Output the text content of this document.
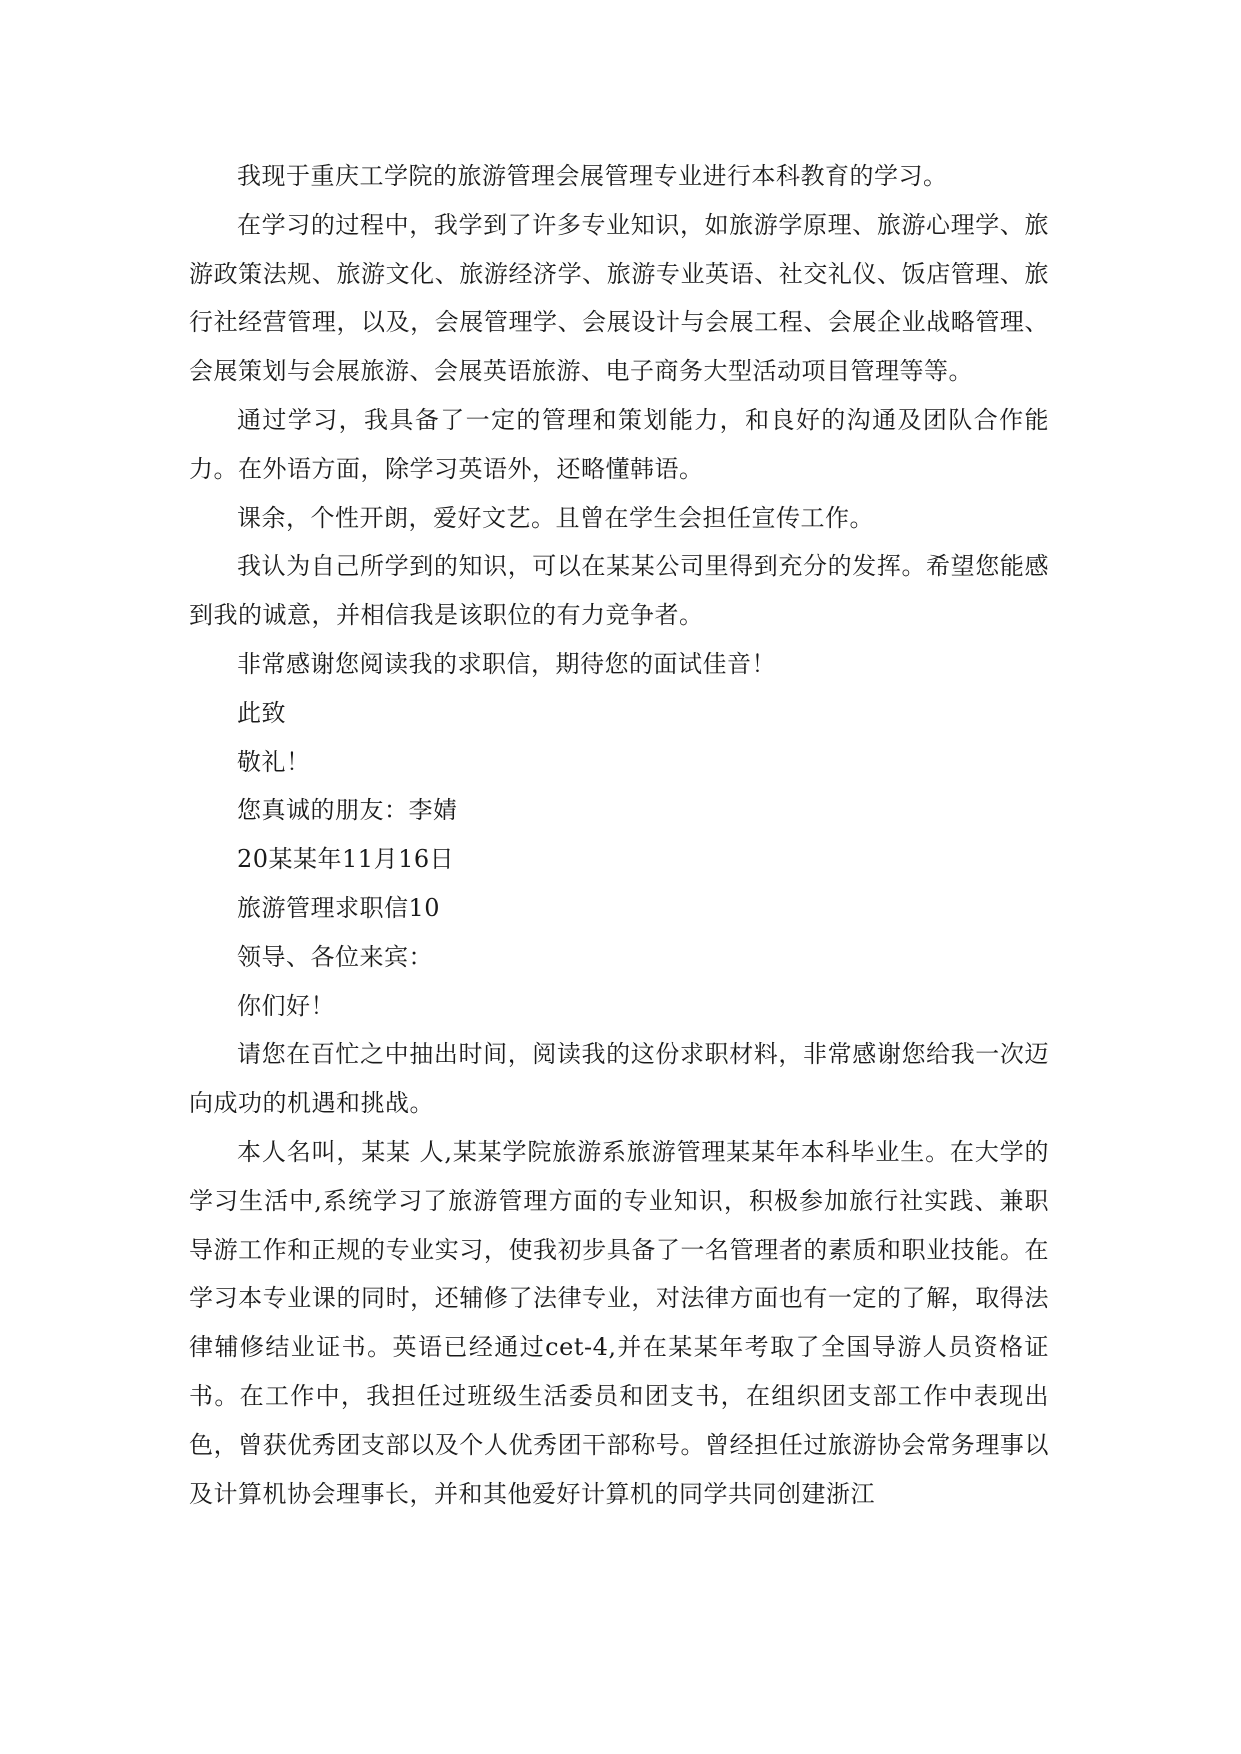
我现于重庆工学院的旅游管理会展管理专业进行本科教育的学习。

在学习的过程中，我学到了许多专业知识，如旅游学原理、旅游心理学、旅游政策法规、旅游文化、旅游经济学、旅游专业英语、社交礼仪、饭店管理、旅行社经营管理，以及，会展管理学、会展设计与会展工程、会展企业战略管理、会展策划与会展旅游、会展英语旅游、电子商务大型活动项目管理等等。

通过学习，我具备了一定的管理和策划能力，和良好的沟通及团队合作能力。在外语方面，除学习英语外，还略懂韩语。

课余，个性开朗，爱好文艺。且曾在学生会担任宣传工作。

我认为自己所学到的知识，可以在某某公司里得到充分的发挥。希望您能感到我的诚意，并相信我是该职位的有力竞争者。

非常感谢您阅读我的求职信，期待您的面试佳音！

此致

敬礼！

您真诚的朋友：李婧

20某某年11月16日

旅游管理求职信10

领导、各位来宾：

你们好！

请您在百忙之中抽出时间，阅读我的这份求职材料，非常感谢您给我一次迈向成功的机遇和挑战。

本人名叫，某某 人,某某学院旅游系旅游管理某某年本科毕业生。在大学的学习生活中,系统学习了旅游管理方面的专业知识，积极参加旅行社实践、兼职导游工作和正规的专业实习，使我初步具备了一名管理者的素质和职业技能。在学习本专业课的同时，还辅修了法律专业，对法律方面也有一定的了解，取得法律辅修结业证书。英语已经通过cet-4,并在某某年考取了全国导游人员资格证书。在工作中，我担任过班级生活委员和团支书，在组织团支部工作中表现出色，曾获优秀团支部以及个人优秀团干部称号。曾经担任过旅游协会常务理事以及计算机协会理事长，并和其他爱好计算机的同学共同创建浙江
